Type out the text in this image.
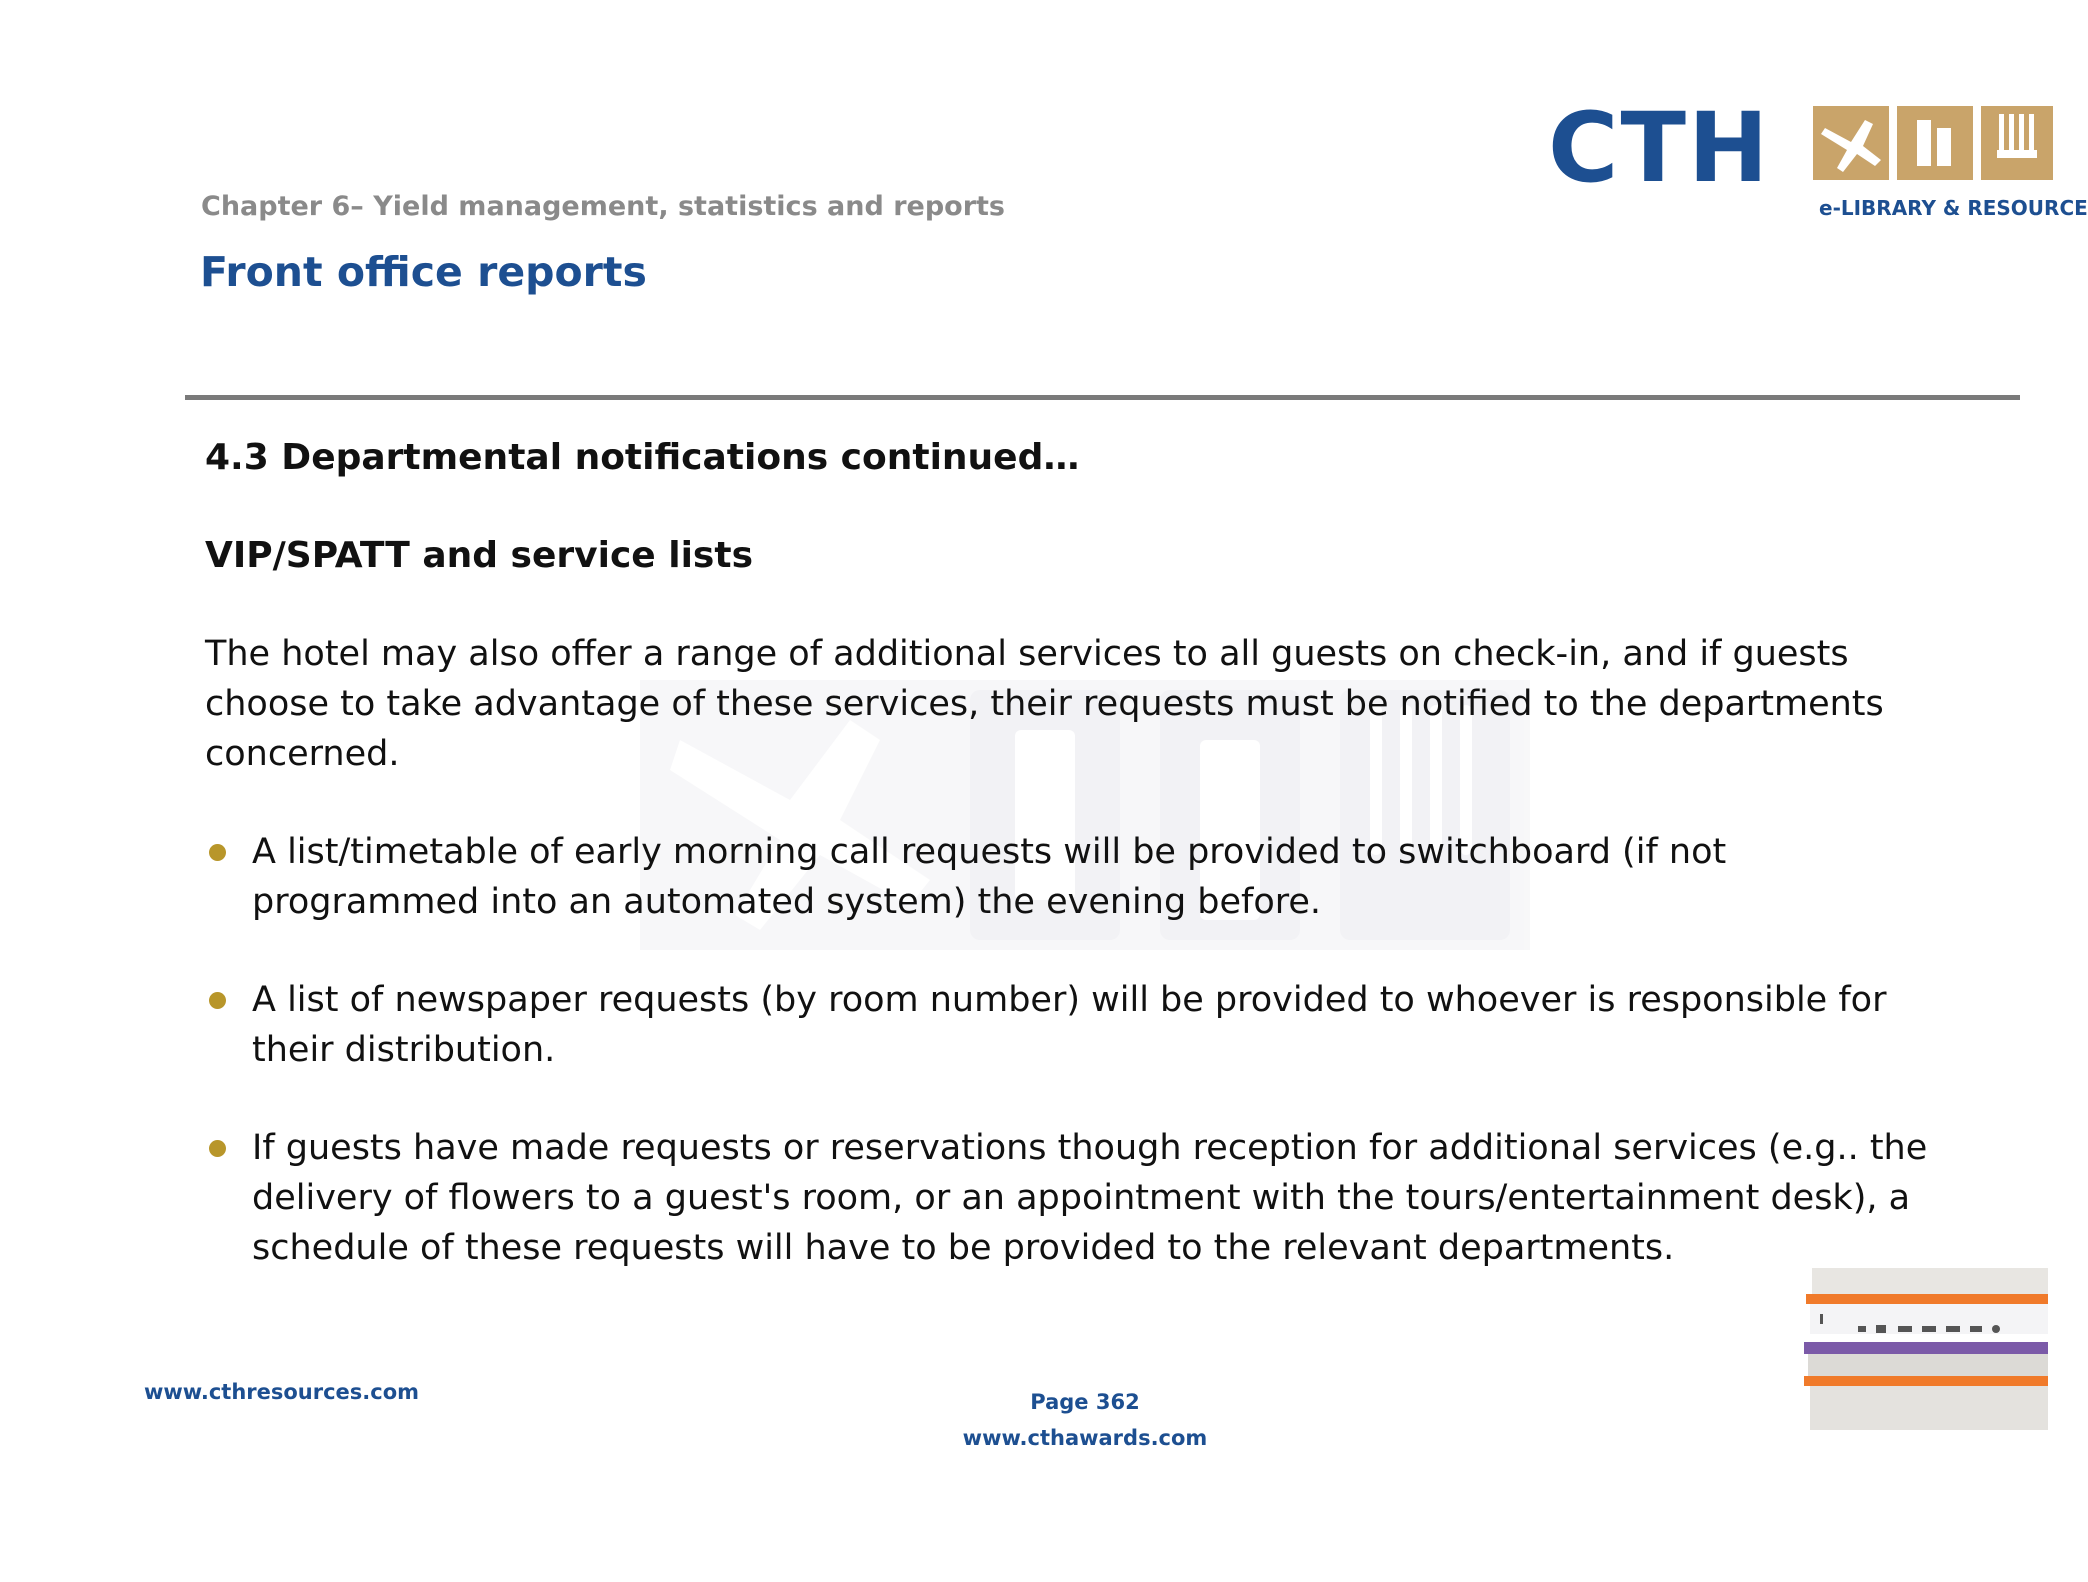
CTH
e-LIBRARY & RESOURCE
Chapter 6– Yield management, statistics and reports
Front office reports
4.3 Departmental notifications continued…
VIP/SPATT and service lists

The hotel may also offer a range of additional services to all guests on check-in, and if guests choose to take advantage of these services, their requests must be notified to the departments concerned.

A list/timetable of early morning call requests will be provided to switchboard (if not programmed into an automated system) the evening before.
A list of newspaper requests (by room number) will be provided to whoever is responsible for their distribution.
If guests have made requests or reservations though reception for additional services (e.g.. the delivery of flowers to a guest's room, or an appointment with the tours/entertainment desk), a schedule of these requests will have to be provided to the relevant departments.
www.cthresources.com	Page 362
www.cthawards.com
